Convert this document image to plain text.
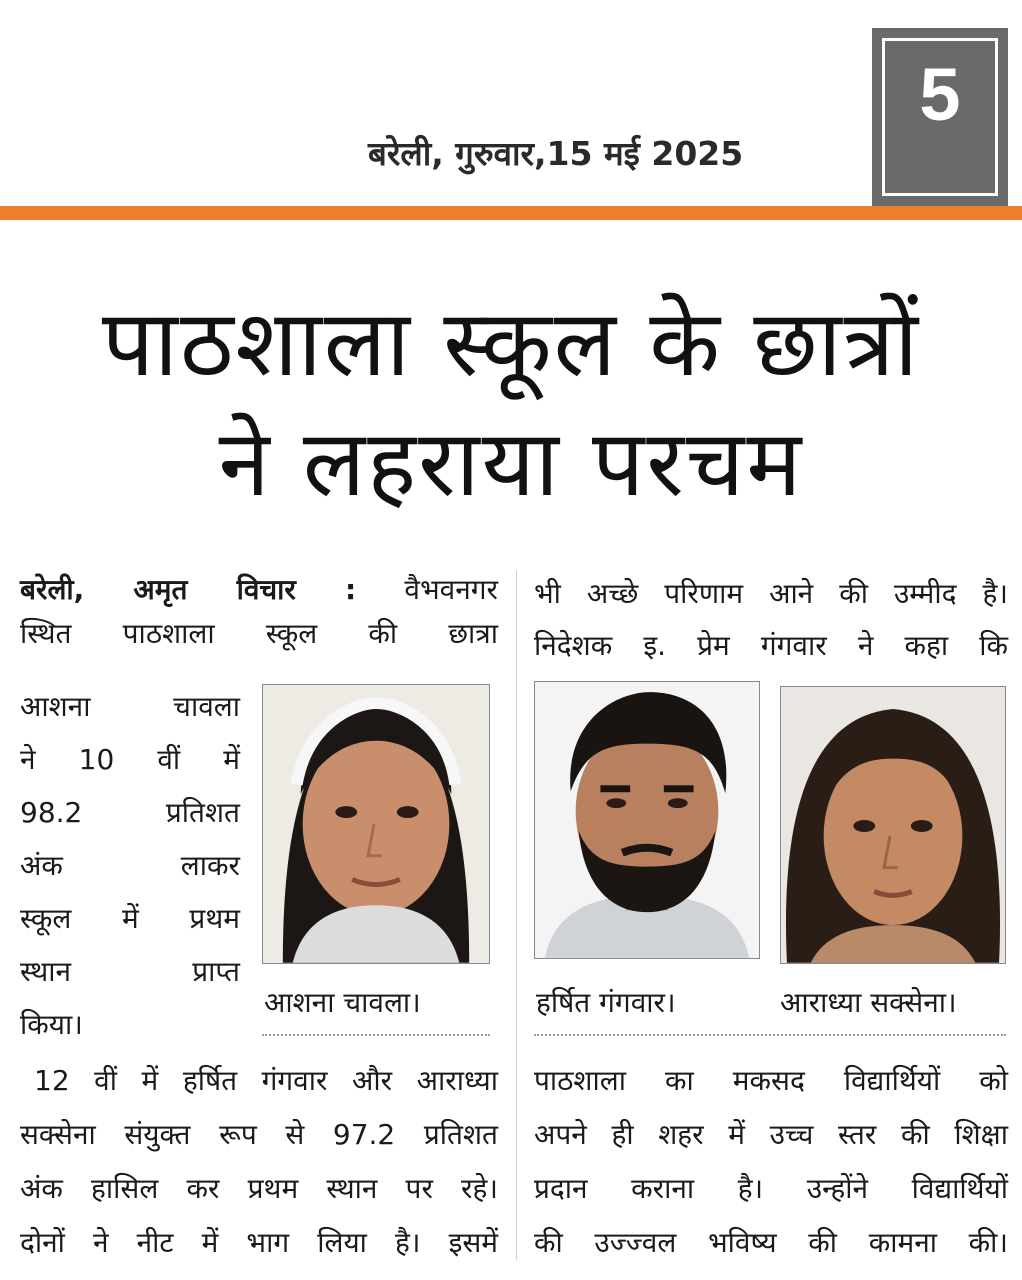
बरेली, गुरुवार,15 मई 2025
5
पाठशाला स्कूल के छात्रों
ने लहराया परचम

बरेली, अमृत विचार : वैभवनगर

स्थित पाठशाला स्कूल की छात्रा

आशना चावला

ने 10 वीं में

98.2 प्रतिशत

अंक लाकर

स्कूल में प्रथम

स्थान प्राप्त

किया।

आशना चावला।

12 वीं में हर्षित गंगवार और आराध्या

सक्सेना संयुक्त रूप से 97.2 प्रतिशत

अंक हासिल कर प्रथम स्थान पर रहे।

दोनों ने नीट में भाग लिया है। इसमें

भी अच्छे परिणाम आने की उम्मीद है।

निदेशक इ. प्रेम गंगवार ने कहा कि

हर्षित गंगवार।	आराध्या सक्सेना।

पाठशाला का मकसद विद्यार्थियों को

अपने ही शहर में उच्च स्तर की शिक्षा

प्रदान कराना है। उन्होंने विद्यार्थियों

की उज्ज्वल भविष्य की कामना की।
